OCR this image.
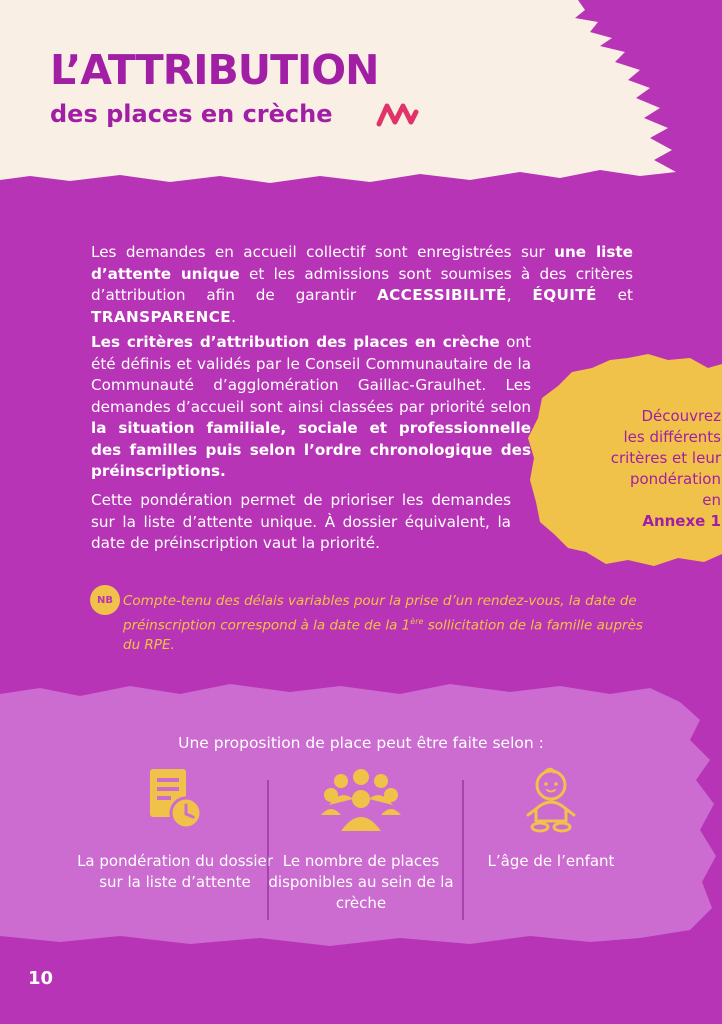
L’ATTRIBUTION
des places en crèche

Les demandes en accueil collectif sont enregistrées sur une liste d’attente unique et les admissions sont soumises à des critères d’attribution afin de garantir ACCESSIBILITÉ, ÉQUITÉ et TRANSPARENCE.

Les critères d’attribution des places en crèche ont été définis et validés par le Conseil Communautaire de la Communauté d’agglomération Gaillac-Graulhet. Les demandes d’accueil sont ainsi classées par priorité selon la situation familiale, sociale et professionnelle des familles puis selon l’ordre chronologique des préinscriptions.

Cette pondération permet de prioriser les demandes sur la liste d’attente unique. À dossier équivalent, la date de préinscription vaut la priorité.

Découvrez
les différents
critères et leur
pondération
en
Annexe 1
NB Compte-tenu des délais variables pour la prise d’un rendez-vous, la date de préinscription correspond à la date de la 1ère sollicitation de la famille auprès du RPE.

Une proposition de place peut être faite selon :

La pondération du dossier sur la liste d’attente
Le nombre de places disponibles au sein de la crèche
L’âge de l’enfant
10
